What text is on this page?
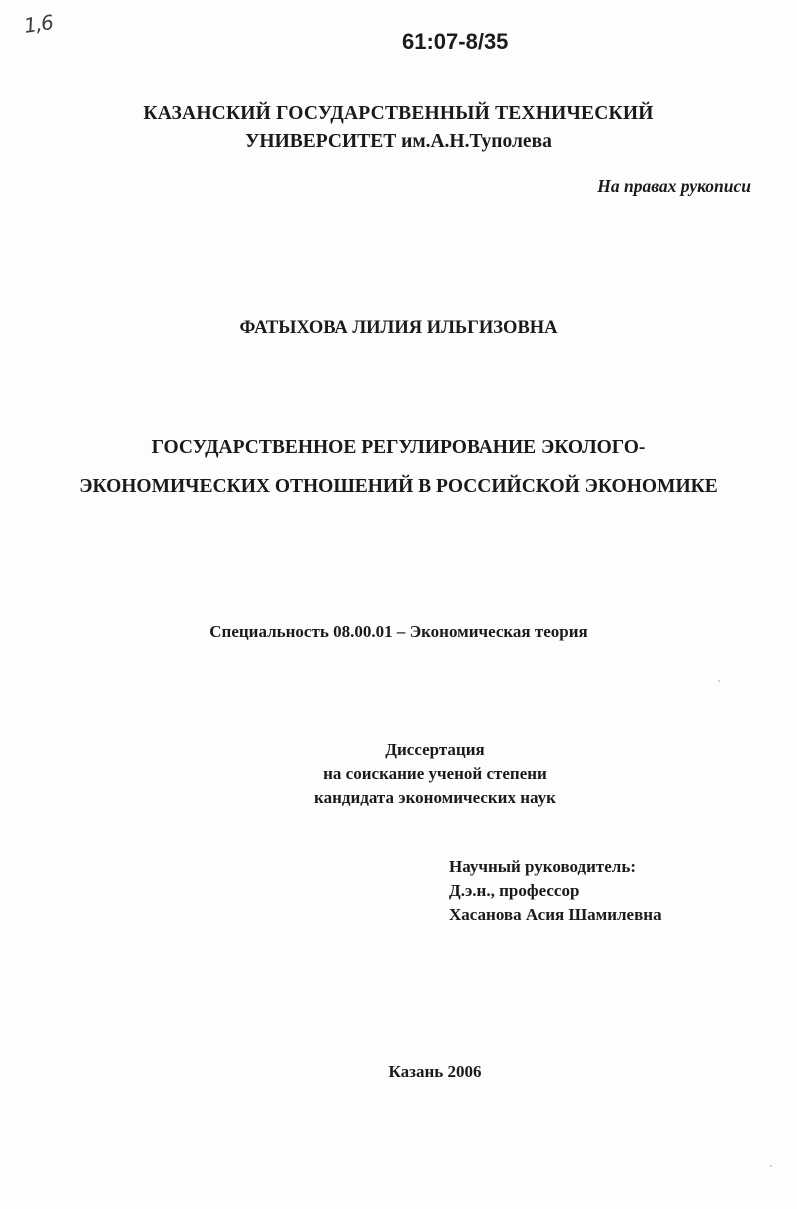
1,6
61:07-8/35
КАЗАНСКИЙ ГОСУДАРСТВЕННЫЙ ТЕХНИЧЕСКИЙ
УНИВЕРСИТЕТ им.А.Н.Туполева
На правах рукописи
ФАТЫХОВА ЛИЛИЯ ИЛЬГИЗОВНА
ГОСУДАРСТВЕННОЕ РЕГУЛИРОВАНИЕ ЭКОЛОГО-
ЭКОНОМИЧЕСКИХ ОТНОШЕНИЙ В РОССИЙСКОЙ ЭКОНОМИКЕ
Специальность 08.00.01 – Экономическая теория
Диссертация
на соискание ученой степени
кандидата экономических наук
Научный руководитель:
Д.э.н., профессор
Хасанова Асия Шамилевна
Казань 2006
